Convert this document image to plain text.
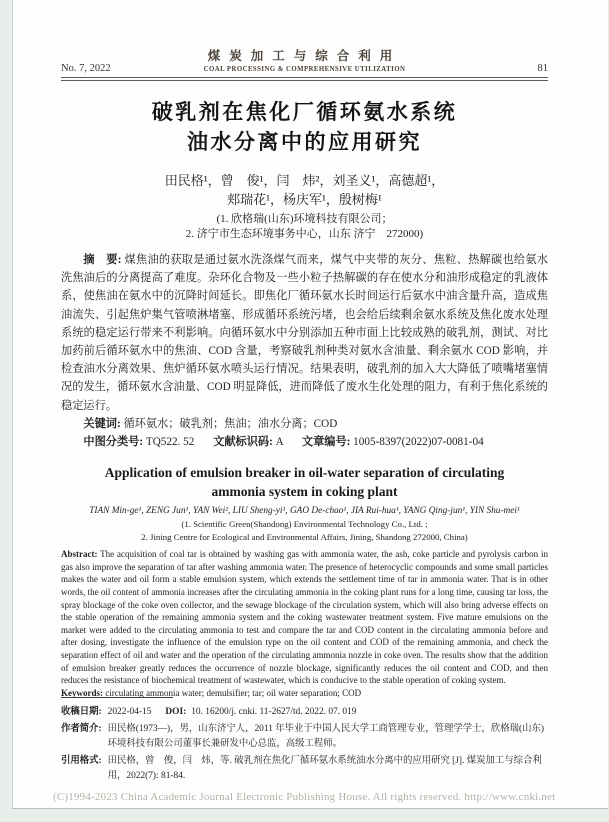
No. 7, 2022
煤炭加工与综合利用
COAL PROCESSING & COMPREHENSIVE UTILIZATION	81
破乳剂在焦化厂循环氨水系统
油水分离中的应用研究
田民格¹，曾　俊¹，闫　炜²，刘圣义¹，高德超¹，
郏瑞花¹，杨庆军¹，殷树梅¹
(1. 欣格瑞(山东)环境科技有限公司；
2. 济宁市生态环境事务中心，山东 济宁　272000)

摘　要: 煤焦油的获取是通过氨水洗涤煤气而来，煤气中夹带的灰分、焦粒、热解碳也给氨水洗焦油后的分离提高了难度。杂环化合物及一些小粒子热解碳的存在使水分和油形成稳定的乳液体系，使焦油在氨水中的沉降时间延长。即焦化厂循环氨水长时间运行后氨水中油含量升高，造成焦油流失、引起焦炉集气管喷淋堵塞、形成循环系统污堵，也会给后续剩余氨水系统及焦化废水处理系统的稳定运行带来不利影响。向循环氨水中分别添加五种市面上比较成熟的破乳剂，测试、对比加药前后循环氨水中的焦油、COD 含量，考察破乳剂种类对氨水含油量、剩余氨水 COD 影响，并检查油水分离效果、焦炉循环氨水喷头运行情况。结果表明，破乳剂的加入大大降低了喷嘴堵塞情况的发生，循环氨水含油量、COD 明显降低，进而降低了废水生化处理的阻力，有利于焦化系统的稳定运行。

关键词: 循环氨水；破乳剂；焦油；油水分离；COD
中图分类号: TQ522. 52 文献标识码: A 文章编号: 1005-8397(2022)07-0081-04
Application of emulsion breaker in oil-water separation of circulating
ammonia system in coking plant
TIAN Min-ge¹, ZENG Jun¹, YAN Wei², LIU Sheng-yi¹, GAO De-chao¹, JIA Rui-hua¹, YANG Qing-jun¹, YIN Shu-mei¹
(1. Scientific Green(Shandong) Environmental Technology Co., Ltd. ;
2. Jining Centre for Ecological and Environmental Affairs, Jining, Shandong 272000, China)

Abstract: The acquisition of coal tar is obtained by washing gas with ammonia water, the ash, coke particle and pyrolysis carbon in gas also improve the separation of tar after washing ammonia water. The presence of heterocyclic compounds and some small particles makes the water and oil form a stable emulsion system, which extends the settlement time of tar in ammonia water. That is in other words, the oil content of ammonia increases after the circulating ammonia in the coking plant runs for a long time, causing tar loss, the spray blockage of the coke oven collector, and the sewage blockage of the circulation system, which will also bring adverse effects on the stable operation of the remaining ammonia system and the coking wastewater treatment system. Five mature emulsions on the market were added to the circulating ammonia to test and compare the tar and COD content in the circulating ammonia before and after dosing, investigate the influence of the emulsion type on the oil content and COD of the remaining ammonia, and check the separation effect of oil and water and the operation of the circulating ammonia nozzle in coke oven. The results show that the addition of emulsion breaker greatly reduces the occurrence of nozzle blockage, significantly reduces the oil content and COD, and then reduces the resistance of biochemical treatment of wastewater, which is conducive to the stable operation of coking system.

Keywords: circulating ammonia water; demulsifier; tar; oil water separation; COD
收稿日期: 2022-04-15 DOI: 10. 16200/j. cnki. 11-2627/td. 2022. 07. 019
作者简介: 田民格(1973—)，男，山东济宁人，2011 年毕业于中国人民大学工商管理专业，管理学学士，欣格瑞(山东)环境科技有限公司董事长兼研发中心总监，高级工程师。
引用格式: 田民格，曾　俊，闫　炜，等. 破乳剂在焦化厂循环氨水系统油水分离中的应用研究 [J]. 煤炭加工与综合利用，2022(7): 81-84.
(C)1994-2023 China Academic Journal Electronic Publishing House. All rights reserved. http://www.cnki.net
